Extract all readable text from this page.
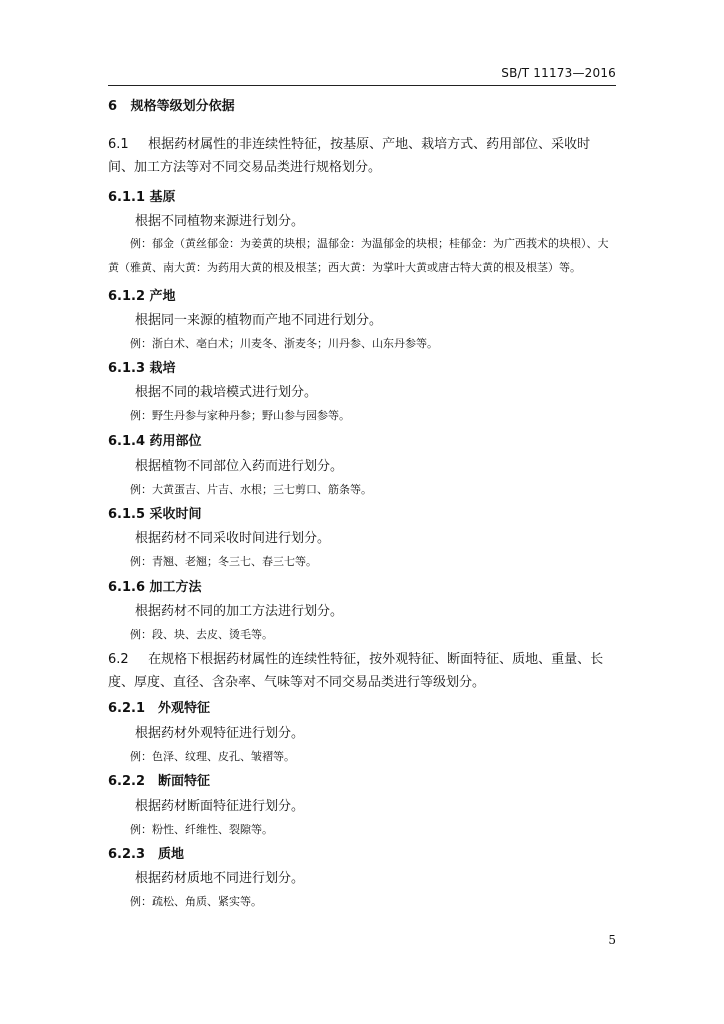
SB/T 11173—2016
6 规格等级划分依据
6.1 根据药材属性的非连续性特征，按基原、产地、栽培方式、药用部位、采收时间、加工方法等对不同交易品类进行规格划分。
6.1.1 基原
根据不同植物来源进行划分。
例：郁金（黄丝郁金：为姜黄的块根；温郁金：为温郁金的块根；桂郁金：为广西莪术的块根）、大黄（雅黄、南大黄：为药用大黄的根及根茎；西大黄：为掌叶大黄或唐古特大黄的根及根茎）等。
6.1.2 产地
根据同一来源的植物而产地不同进行划分。
例：浙白术、亳白术；川麦冬、浙麦冬；川丹参、山东丹参等。
6.1.3 栽培
根据不同的栽培模式进行划分。
例：野生丹参与家种丹参；野山参与园参等。
6.1.4 药用部位
根据植物不同部位入药而进行划分。
例：大黄蛋吉、片吉、水根；三七剪口、筋条等。
6.1.5 采收时间
根据药材不同采收时间进行划分。
例：青翘、老翘；冬三七、春三七等。
6.1.6 加工方法
根据药材不同的加工方法进行划分。
例：段、块、去皮、烫毛等。
6.2 在规格下根据药材属性的连续性特征，按外观特征、断面特征、质地、重量、长度、厚度、直径、含杂率、气味等对不同交易品类进行等级划分。
6.2.1　外观特征
根据药材外观特征进行划分。
例：色泽、纹理、皮孔、皱褶等。
6.2.2　断面特征
根据药材断面特征进行划分。
例：粉性、纤维性、裂隙等。
6.2.3　质地
根据药材质地不同进行划分。
例：疏松、角质、紧实等。
5
